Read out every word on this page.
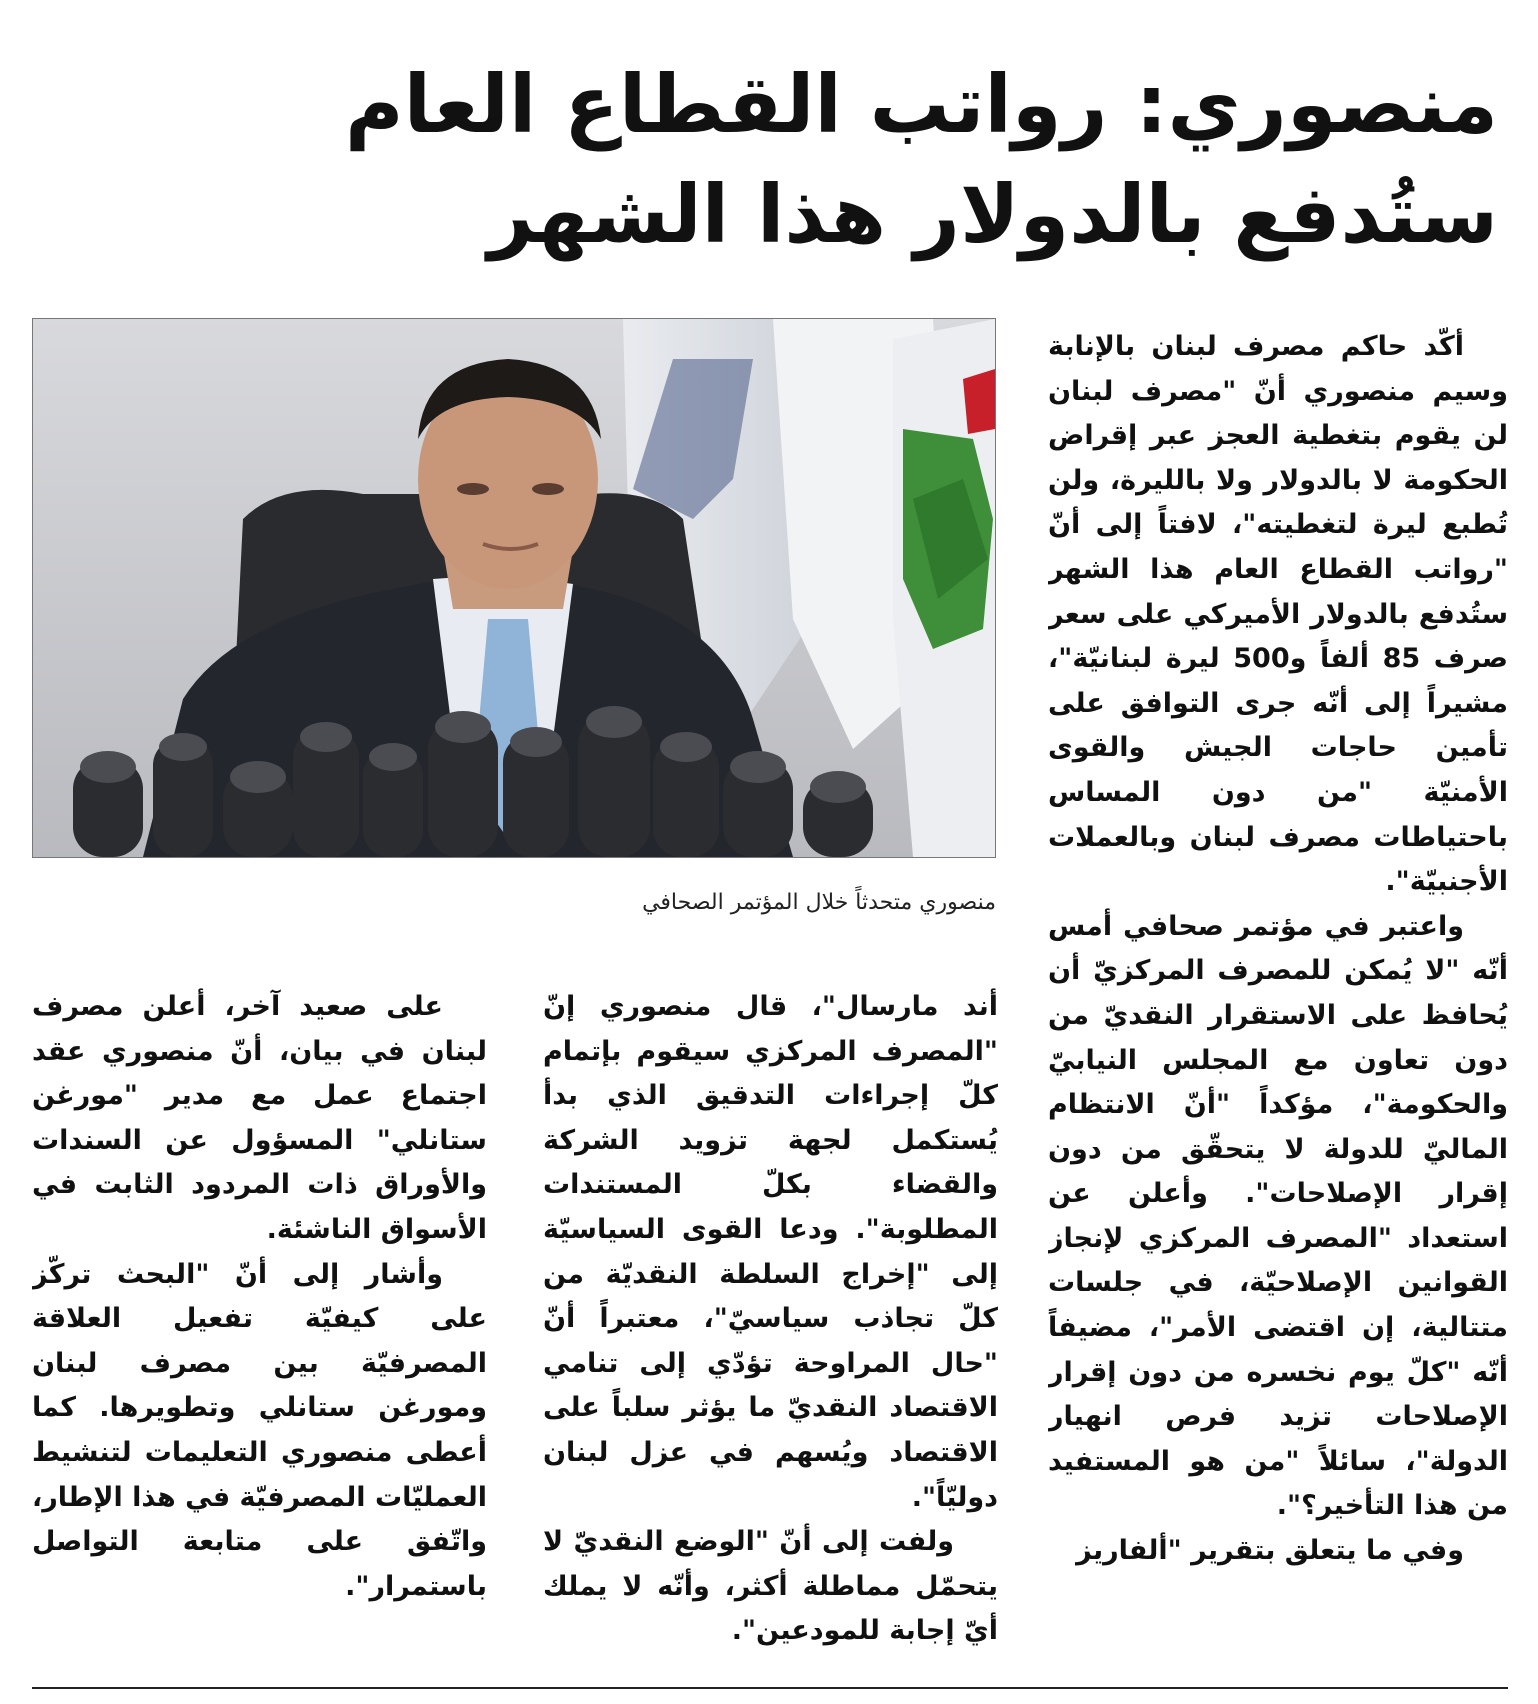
منصوري: رواتب القطاع العام
ستُدفع بالدولار هذا الشهر
منصوري متحدثاً خلال المؤتمر الصحافي

أكّد حاكم مصرف لبنان بالإنابة وسيم منصوري أنّ "مصرف لبنان لن يقوم بتغطية العجز عبر إقراض الحكومة لا بالدولار ولا بالليرة، ولن تُطبع ليرة لتغطيته"، لافتاً إلى أنّ "رواتب القطاع العام هذا الشهر ستُدفع بالدولار الأميركي على سعر صرف 85 ألفاً و500 ليرة لبنانيّة"، مشيراً إلى أنّه جرى التوافق على تأمين حاجات الجيش والقوى الأمنيّة "من دون المساس باحتياطات مصرف لبنان وبالعملات الأجنبيّة".

واعتبر في مؤتمر صحافي أمس أنّه "لا يُمكن للمصرف المركزيّ أن يُحافظ على الاستقرار النقديّ من دون تعاون مع المجلس النيابيّ والحكومة"، مؤكداً "أنّ الانتظام الماليّ للدولة لا يتحقّق من دون إقرار الإصلاحات". وأعلن عن استعداد "المصرف المركزي لإنجاز القوانين الإصلاحيّة، في جلسات متتالية، إن اقتضى الأمر"، مضيفاً أنّه "كلّ يوم نخسره من دون إقرار الإصلاحات تزيد فرص انهيار الدولة"، سائلاً "من هو المستفيد من هذا التأخير؟".

وفي ما يتعلق بتقرير "ألفاريز

أند مارسال"، قال منصوري إنّ "المصرف المركزي سيقوم بإتمام كلّ إجراءات التدقيق الذي بدأ يُستكمل لجهة تزويد الشركة والقضاء بكلّ المستندات المطلوبة". ودعا القوى السياسيّة إلى "إخراج السلطة النقديّة من كلّ تجاذب سياسيّ"، معتبراً أنّ "حال المراوحة تؤدّي إلى تنامي الاقتصاد النقديّ ما يؤثر سلباً على الاقتصاد ويُسهم في عزل لبنان دوليّاً".

ولفت إلى أنّ "الوضع النقديّ لا يتحمّل مماطلة أكثر، وأنّه لا يملك أيّ إجابة للمودعين".

على صعيد آخر، أعلن مصرف لبنان في بيان، أنّ منصوري عقد اجتماع عمل مع مدير "مورغن ستانلي" المسؤول عن السندات والأوراق ذات المردود الثابت في الأسواق الناشئة.

وأشار إلى أنّ "البحث تركّز على كيفيّة تفعيل العلاقة المصرفيّة بين مصرف لبنان ومورغن ستانلي وتطويرها. كما أعطى منصوري التعليمات لتنشيط العمليّات المصرفيّة في هذا الإطار، واتّفق على متابعة التواصل باستمرار".
